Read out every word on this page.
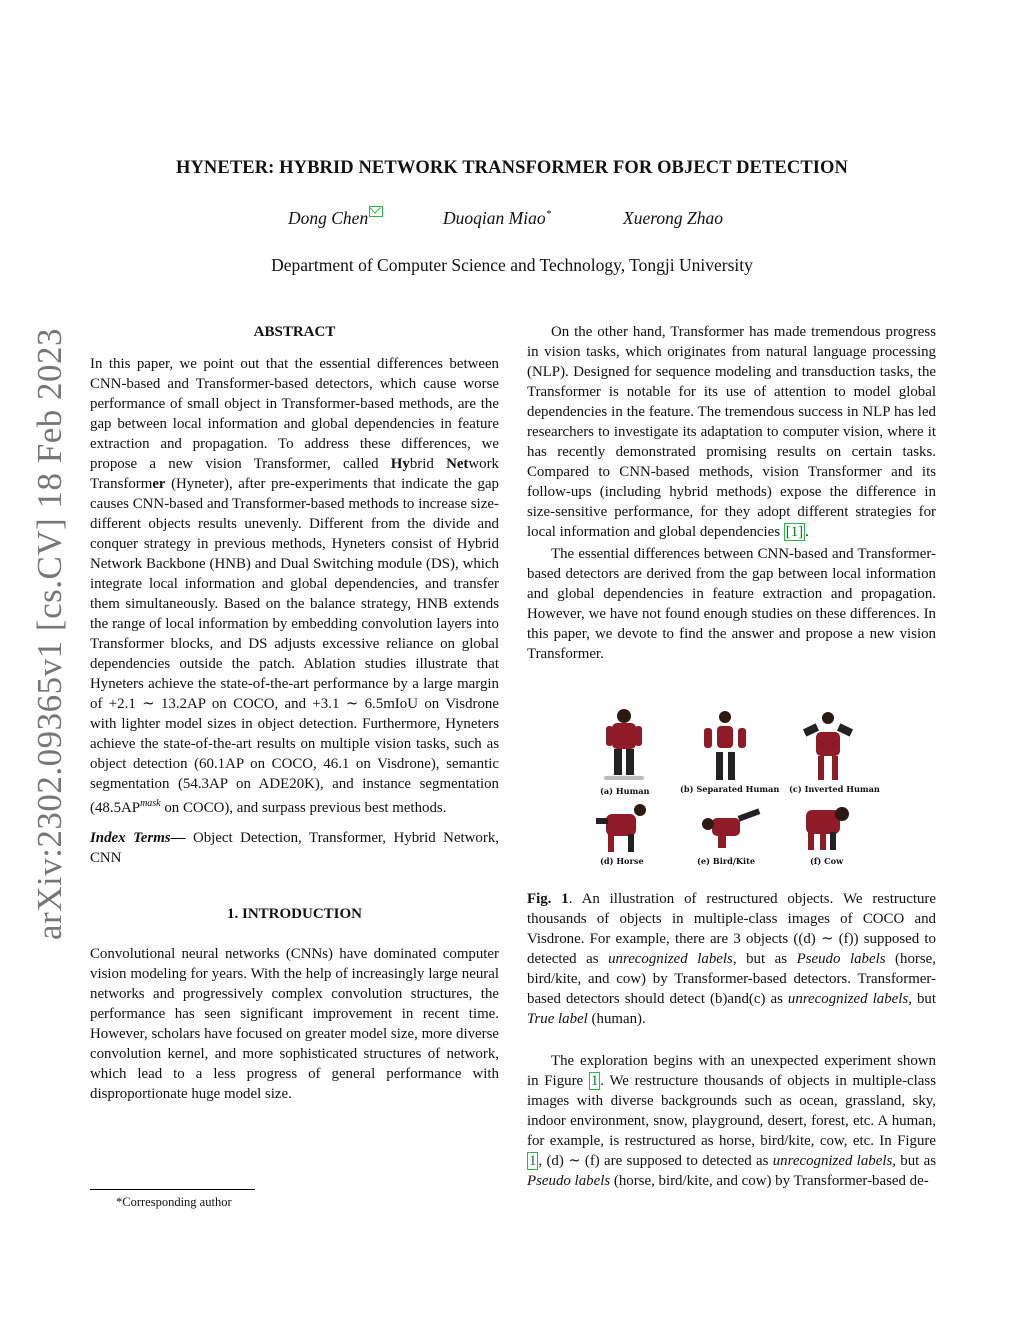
arXiv:2302.09365v1 [cs.CV] 18 Feb 2023
HYNETER: HYBRID NETWORK TRANSFORMER FOR OBJECT DETECTION
Dong Chen	Duoqian Miao*	Xuerong Zhao
Department of Computer Science and Technology, Tongji University
ABSTRACT

In this paper, we point out that the essential differences between CNN-based and Transformer-based detectors, which cause worse performance of small object in Transformer-based methods, are the gap between local information and global dependencies in feature extraction and propagation. To address these differences, we propose a new vision Transformer, called Hybrid Network Transformer (Hyneter), after pre-experiments that indicate the gap causes CNN-based and Transformer-based methods to increase size-different objects results unevenly. Different from the divide and conquer strategy in previous methods, Hyneters consist of Hybrid Network Backbone (HNB) and Dual Switching module (DS), which integrate local information and global dependencies, and transfer them simultaneously. Based on the balance strategy, HNB extends the range of local information by embedding convolution layers into Transformer blocks, and DS adjusts excessive reliance on global dependencies outside the patch. Ablation studies illustrate that Hyneters achieve the state-of-the-art performance by a large margin of +2.1 ∼ 13.2AP on COCO, and +3.1 ∼ 6.5mIoU on Visdrone with lighter model sizes in object detection. Furthermore, Hyneters achieve the state-of-the-art results on multiple vision tasks, such as object detection (60.1AP on COCO, 46.1 on Visdrone), semantic segmentation (54.3AP on ADE20K), and instance segmentation ($48.5AP^{mask}$ on COCO), and surpass previous best methods.

Index Terms— Object Detection, Transformer, Hybrid Network, CNN

1. INTRODUCTION

Convolutional neural networks (CNNs) have dominated computer vision modeling for years. With the help of increasingly large neural networks and progressively complex convolution structures, the performance has seen significant improvement in recent time. However, scholars have focused on greater model size, more diverse convolution kernel, and more sophisticated structures of network, which lead to a less progress of general performance with disproportionate huge model size.

*Corresponding author

On the other hand, Transformer has made tremendous progress in vision tasks, which originates from natural language processing (NLP). Designed for sequence modeling and transduction tasks, the Transformer is notable for its use of attention to model global dependencies in the feature. The tremendous success in NLP has led researchers to investigate its adaptation to computer vision, where it has recently demonstrated promising results on certain tasks. Compared to CNN-based methods, vision Transformer and its follow-ups (including hybrid methods) expose the difference in size-sensitive performance, for they adopt different strategies for local information and global dependencies [1] .

The essential differences between CNN-based and Transformer-based detectors are derived from the gap between local information and global dependencies in feature extraction and propagation. However, we have not found enough studies on these differences. In this paper, we devote to find the answer and propose a new vision Transformer.

(a) Human	(b) Separated Human (c) Inverted Human
(d) Horse	(e) Bird/Kite	(f) Cow

Fig. 1. An illustration of restructured objects. We restructure thousands of objects in multiple-class images of COCO and Visdrone. For example, there are 3 objects ((d) ∼ (f)) supposed to detected as unrecognized labels, but as Pseudo labels (horse, bird/kite, and cow) by Transformer-based detectors. Transformer-based detectors should detect (b)and(c) as unrecognized labels, but True label (human).

The exploration begins with an unexpected experiment shown in Figure 1 . We restructure thousands of objects in multiple-class images with diverse backgrounds such as ocean, grassland, sky, indoor environment, snow, playground, desert, forest, etc. A human, for example, is restructured as horse, bird/kite, cow, etc. In Figure 1 , (d) ∼ (f) are supposed to detected as unrecognized labels, but as Pseudo labels (horse, bird/kite, and cow) by Transformer-based de-
